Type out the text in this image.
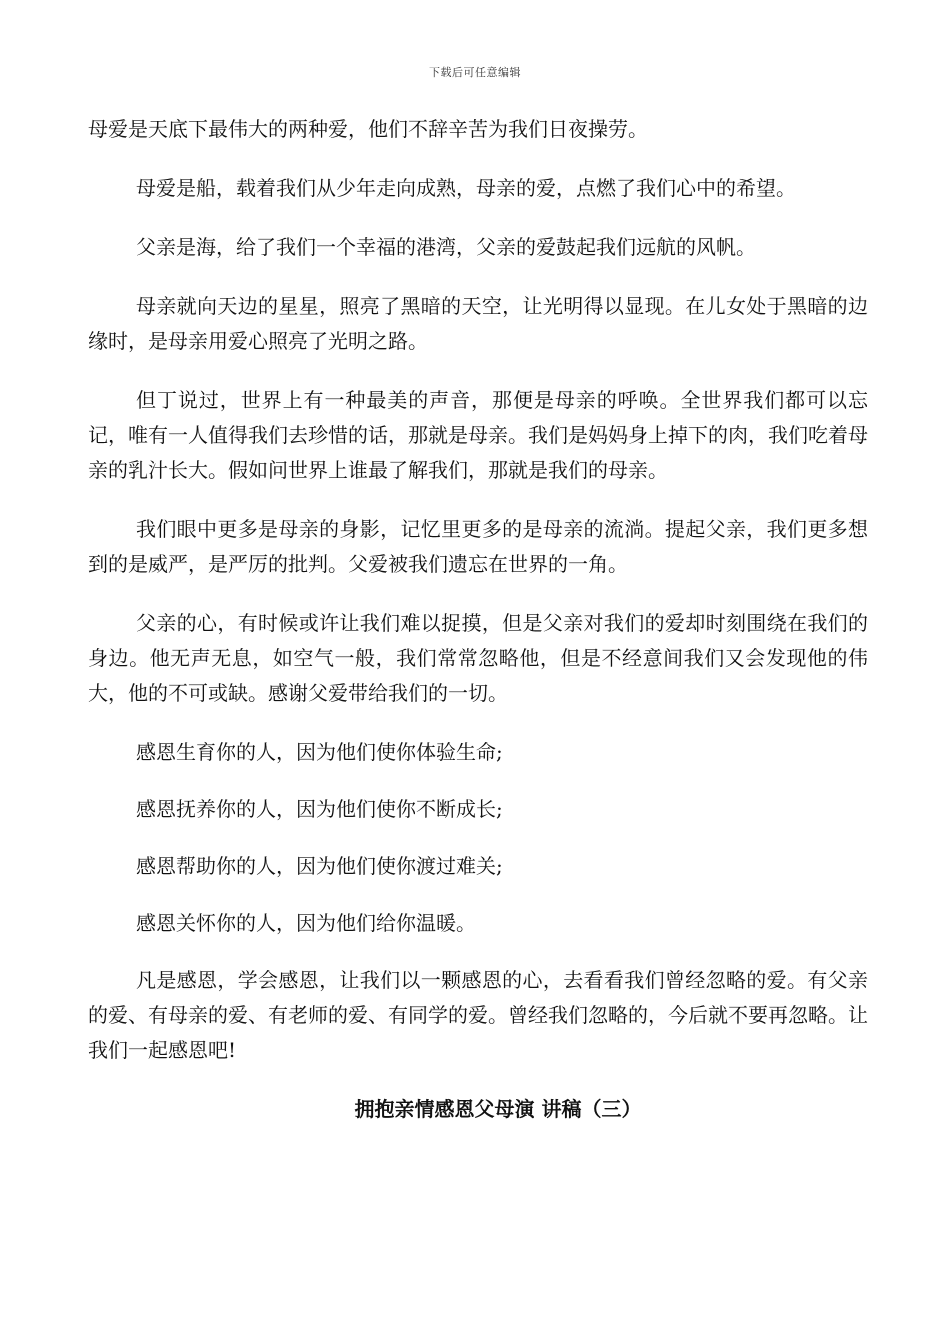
下载后可任意编辑

母爱是天底下最伟大的两种爱，他们不辞辛苦为我们日夜操劳。

母爱是船，载着我们从少年走向成熟，母亲的爱，点燃了我们心中的希望。

父亲是海，给了我们一个幸福的港湾，父亲的爱鼓起我们远航的风帆。

母亲就向天边的星星，照亮了黑暗的天空，让光明得以显现。在儿女处于黑暗的边缘时，是母亲用爱心照亮了光明之路。

但丁说过，世界上有一种最美的声音，那便是母亲的呼唤。全世界我们都可以忘记，唯有一人值得我们去珍惜的话，那就是母亲。我们是妈妈身上掉下的肉，我们吃着母亲的乳汁长大。假如问世界上谁最了解我们，那就是我们的母亲。

我们眼中更多是母亲的身影，记忆里更多的是母亲的流淌。提起父亲，我们更多想到的是威严，是严厉的批判。父爱被我们遗忘在世界的一角。

父亲的心，有时候或许让我们难以捉摸，但是父亲对我们的爱却时刻围绕在我们的身边。他无声无息，如空气一般，我们常常忽略他，但是不经意间我们又会发现他的伟大，他的不可或缺。感谢父爱带给我们的一切。

感恩生育你的人，因为他们使你体验生命;

感恩抚养你的人，因为他们使你不断成长;

感恩帮助你的人，因为他们使你渡过难关;

感恩关怀你的人，因为他们给你温暖。

凡是感恩，学会感恩，让我们以一颗感恩的心，去看看我们曾经忽略的爱。有父亲的爱、有母亲的爱、有老师的爱、有同学的爱。曾经我们忽略的，今后就不要再忽略。让我们一起感恩吧!

拥抱亲情感恩父母演 讲稿（三）
